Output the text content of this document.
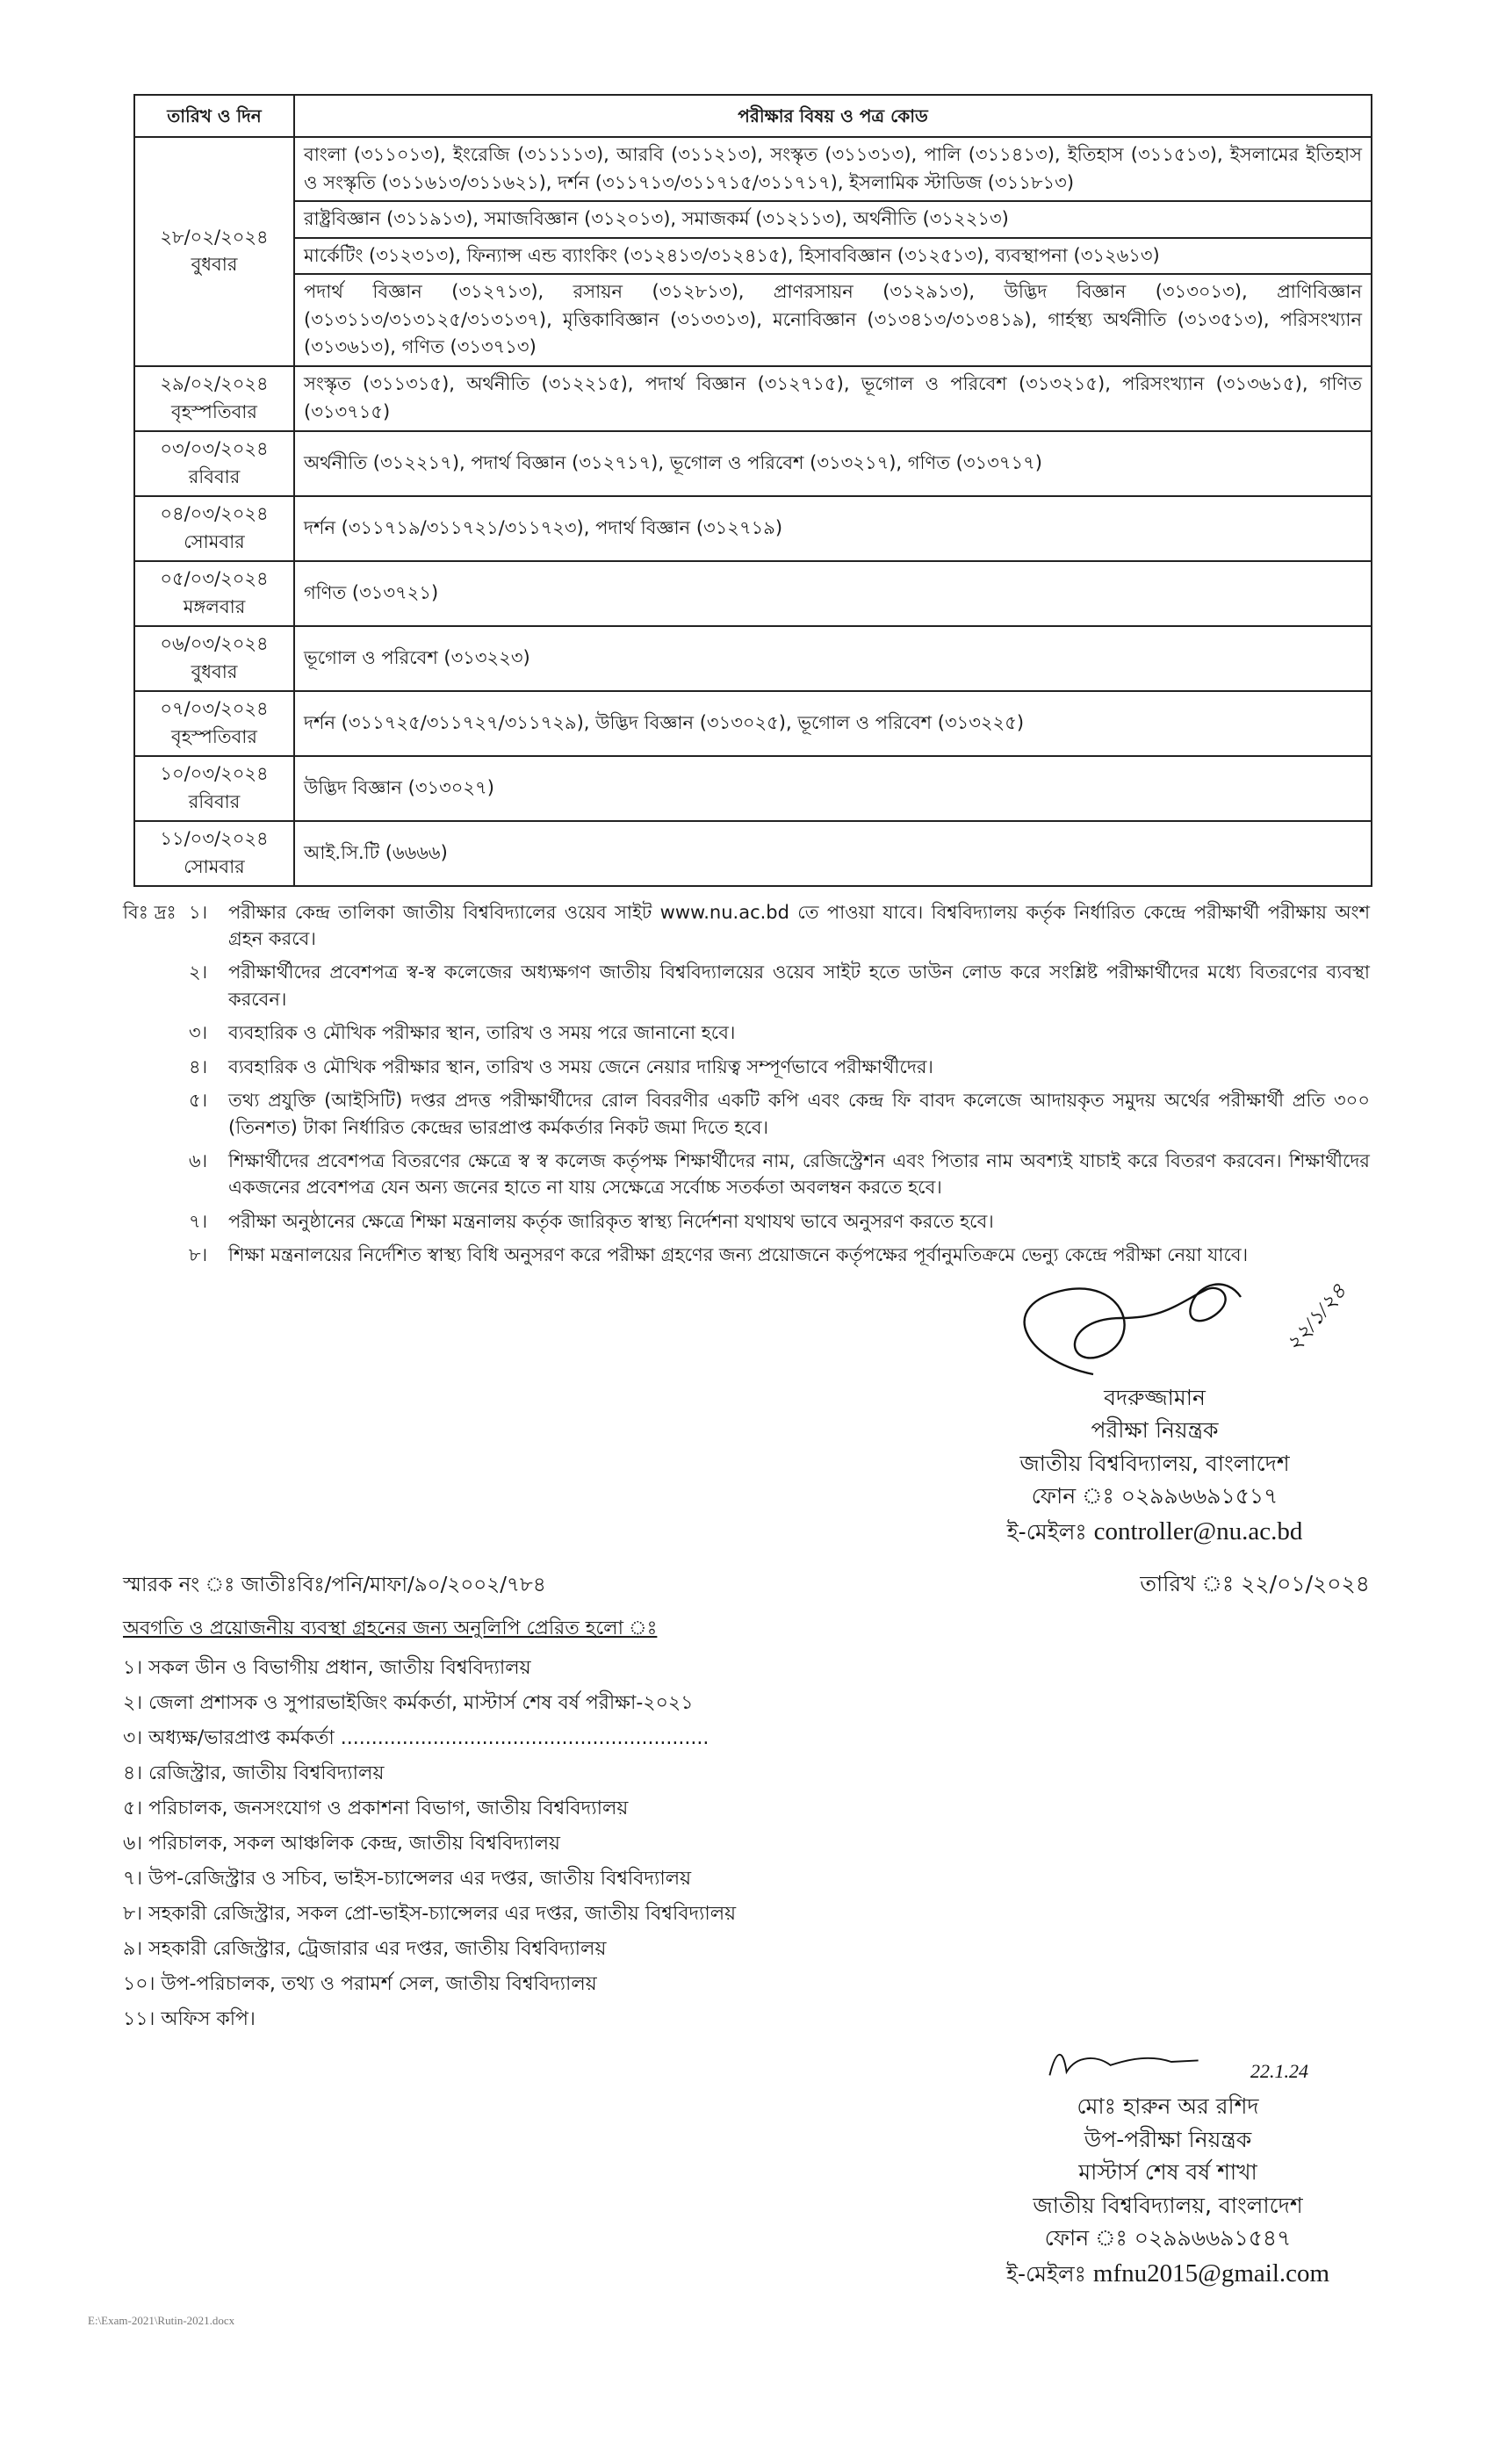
তারিখ ও দিন	পরীক্ষার বিষয় ও পত্র কোড

২৮/০২/২০২৪
বুধবার	বাংলা (৩১১০১৩), ইংরেজি (৩১১১১৩), আরবি (৩১১২১৩), সংস্কৃত (৩১১৩১৩), পালি (৩১১৪১৩), ইতিহাস (৩১১৫১৩), ইসলামের ইতিহাস ও সংস্কৃতি (৩১১৬১৩/৩১১৬২১), দর্শন (৩১১৭১৩/৩১১৭১৫/৩১১৭১৭), ইসলামিক স্টাডিজ (৩১১৮১৩)
	রাষ্ট্রবিজ্ঞান (৩১১৯১৩), সমাজবিজ্ঞান (৩১২০১৩), সমাজকর্ম (৩১২১১৩), অর্থনীতি (৩১২২১৩)
	মার্কেটিং (৩১২৩১৩), ফিন্যান্স এন্ড ব্যাংকিং (৩১২৪১৩/৩১২৪১৫), হিসাববিজ্ঞান (৩১২৫১৩), ব্যবস্থাপনা (৩১২৬১৩)
	পদার্থ বিজ্ঞান (৩১২৭১৩), রসায়ন (৩১২৮১৩), প্রাণরসায়ন (৩১২৯১৩), উদ্ভিদ বিজ্ঞান (৩১৩০১৩), প্রাণিবিজ্ঞান (৩১৩১১৩/৩১৩১২৫/৩১৩১৩৭), মৃত্তিকাবিজ্ঞান (৩১৩৩১৩), মনোবিজ্ঞান (৩১৩৪১৩/৩১৩৪১৯), গার্হস্থ্য অর্থনীতি (৩১৩৫১৩), পরিসংখ্যান (৩১৩৬১৩), গণিত (৩১৩৭১৩)

২৯/০২/২০২৪
বৃহস্পতিবার	সংস্কৃত (৩১১৩১৫), অর্থনীতি (৩১২২১৫), পদার্থ বিজ্ঞান (৩১২৭১৫), ভূগোল ও পরিবেশ (৩১৩২১৫), পরিসংখ্যান (৩১৩৬১৫), গণিত (৩১৩৭১৫)

০৩/০৩/২০২৪
রবিবার	অর্থনীতি (৩১২২১৭), পদার্থ বিজ্ঞান (৩১২৭১৭), ভূগোল ও পরিবেশ (৩১৩২১৭), গণিত (৩১৩৭১৭)

০৪/০৩/২০২৪
সোমবার	দর্শন (৩১১৭১৯/৩১১৭২১/৩১১৭২৩), পদার্থ বিজ্ঞান (৩১২৭১৯)

০৫/০৩/২০২৪
মঙ্গলবার	গণিত (৩১৩৭২১)

০৬/০৩/২০২৪
বুধবার	ভূগোল ও পরিবেশ (৩১৩২২৩)

০৭/০৩/২০২৪
বৃহস্পতিবার	দর্শন (৩১১৭২৫/৩১১৭২৭/৩১১৭২৯), উদ্ভিদ বিজ্ঞান (৩১৩০২৫), ভূগোল ও পরিবেশ (৩১৩২২৫)

১০/০৩/২০২৪
রবিবার	উদ্ভিদ বিজ্ঞান (৩১৩০২৭)

১১/০৩/২০২৪
সোমবার	আই.সি.টি (৬৬৬৬)
বিঃ দ্রঃ ১।	পরীক্ষার কেন্দ্র তালিকা জাতীয় বিশ্ববিদ্যালের ওয়েব সাইট www.nu.ac.bd তে পাওয়া যাবে। বিশ্ববিদ্যালয় কর্তৃক নির্ধারিত কেন্দ্রে পরীক্ষার্থী পরীক্ষায় অংশ গ্রহন করবে।
২।	পরীক্ষার্থীদের প্রবেশপত্র স্ব-স্ব কলেজের অধ্যক্ষগণ জাতীয় বিশ্ববিদ্যালয়ের ওয়েব সাইট হতে ডাউন লোড করে সংশ্লিষ্ট পরীক্ষার্থীদের মধ্যে বিতরণের ব্যবস্থা করবেন।
৩।	ব্যবহারিক ও মৌখিক পরীক্ষার স্থান, তারিখ ও সময় পরে জানানো হবে।
৪।	ব্যবহারিক ও মৌখিক পরীক্ষার স্থান, তারিখ ও সময় জেনে নেয়ার দায়িত্ব সম্পূর্ণভাবে পরীক্ষার্থীদের।
৫।	তথ্য প্রযুক্তি (আইসিটি) দপ্তর প্রদত্ত পরীক্ষার্থীদের রোল বিবরণীর একটি কপি এবং কেন্দ্র ফি বাবদ কলেজে আদায়কৃত সমুদয় অর্থের পরীক্ষার্থী প্রতি ৩০০ (তিনশত) টাকা নির্ধারিত কেন্দ্রের ভারপ্রাপ্ত কর্মকর্তার নিকট জমা দিতে হবে।
৬।	শিক্ষার্থীদের প্রবেশপত্র বিতরণের ক্ষেত্রে স্ব স্ব কলেজ কর্তৃপক্ষ শিক্ষার্থীদের নাম, রেজিস্ট্রেশন এবং পিতার নাম অবশ্যই যাচাই করে বিতরণ করবেন। শিক্ষার্থীদের একজনের প্রবেশপত্র যেন অন্য জনের হাতে না যায় সেক্ষেত্রে সর্বোচ্চ সতর্কতা অবলম্বন করতে হবে।
৭।	পরীক্ষা অনুষ্ঠানের ক্ষেত্রে শিক্ষা মন্ত্রনালয় কর্তৃক জারিকৃত স্বাস্থ্য নির্দেশনা যথাযথ ভাবে অনুসরণ করতে হবে।
৮।	শিক্ষা মন্ত্রনালয়ের নির্দেশিত স্বাস্থ্য বিধি অনুসরণ করে পরীক্ষা গ্রহণের জন্য প্রয়োজনে কর্তৃপক্ষের পূর্বানুমতিক্রমে ভেন্যু কেন্দ্রে পরীক্ষা নেয়া যাবে।
২২/১/২৪
বদরুজ্জামান
পরীক্ষা নিয়ন্ত্রক
জাতীয় বিশ্ববিদ্যালয়, বাংলাদেশ
ফোন ঃ ০২৯৯৬৬৯১৫১৭
ই-মেইলঃ controller@nu.ac.bd
স্মারক নং ঃ জাতীঃবিঃ/পনি/মাফা/৯০/২০০২/৭৮৪	তারিখ ঃ ২২/০১/২০২৪
অবগতি ও প্রয়োজনীয় ব্যবস্থা গ্রহনের জন্য অনুলিপি প্রেরিত হলো ঃ
১। সকল ডীন ও বিভাগীয় প্রধান, জাতীয় বিশ্ববিদ্যালয়
২। জেলা প্রশাসক ও সুপারভাইজিং কর্মকর্তা, মাস্টার্স শেষ বর্ষ পরীক্ষা-২০২১
৩। অধ্যক্ষ/ভারপ্রাপ্ত কর্মকর্তা ............................................................
৪। রেজিস্ট্রার, জাতীয় বিশ্ববিদ্যালয়
৫। পরিচালক, জনসংযোগ ও প্রকাশনা বিভাগ, জাতীয় বিশ্ববিদ্যালয়
৬। পরিচালক, সকল আঞ্চলিক কেন্দ্র, জাতীয় বিশ্ববিদ্যালয়
৭। উপ-রেজিস্ট্রার ও সচিব, ভাইস-চ্যান্সেলর এর দপ্তর, জাতীয় বিশ্ববিদ্যালয়
৮। সহকারী রেজিস্ট্রার, সকল প্রো-ভাইস-চ্যান্সেলর এর দপ্তর, জাতীয় বিশ্ববিদ্যালয়
৯। সহকারী রেজিস্ট্রার, ট্রেজারার এর দপ্তর, জাতীয় বিশ্ববিদ্যালয়
১০। উপ-পরিচালক, তথ্য ও পরামর্শ সেল, জাতীয় বিশ্ববিদ্যালয়
১১। অফিস কপি।
22.1.24
মোঃ হারুন অর রশিদ
উপ-পরীক্ষা নিয়ন্ত্রক
মাস্টার্স শেষ বর্ষ শাখা
জাতীয় বিশ্ববিদ্যালয়, বাংলাদেশ
ফোন ঃ ০২৯৯৬৬৯১৫৪৭
ই-মেইলঃ mfnu2015@gmail.com
E:\Exam-2021\Rutin-2021.docx
